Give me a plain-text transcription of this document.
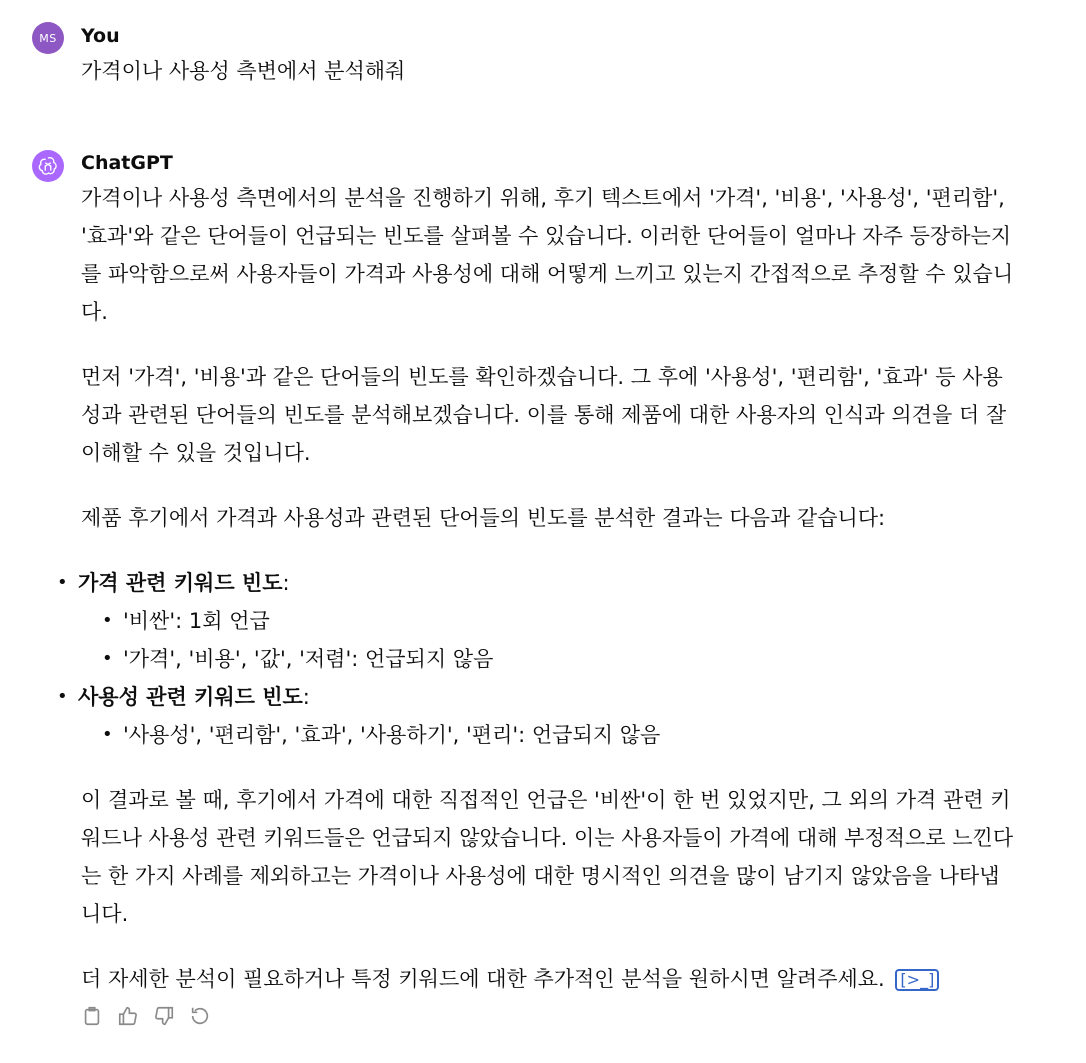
MS You
가격이나 사용성 측변에서 분석해줘
ChatGPT

가격이나 사용성 측면에서의 분석을 진행하기 위해, 후기 텍스트에서 '가격', '비용', '사용성', '편리함', '효과'와 같은 단어들이 언급되는 빈도를 살펴볼 수 있습니다. 이러한 단어들이 얼마나 자주 등장하는지를 파악함으로써 사용자들이 가격과 사용성에 대해 어떻게 느끼고 있는지 간접적으로 추정할 수 있습니다.

먼저 '가격', '비용'과 같은 단어들의 빈도를 확인하겠습니다. 그 후에 '사용성', '편리함', '효과' 등 사용성과 관련된 단어들의 빈도를 분석해보겠습니다. 이를 통해 제품에 대한 사용자의 인식과 의견을 더 잘 이해할 수 있을 것입니다.

제품 후기에서 가격과 사용성과 관련된 단어들의 빈도를 분석한 결과는 다음과 같습니다:

• 가격 관련 키워드 빈도:
• '비싼': 1회 언급
• '가격', '비용', '값', '저렴': 언급되지 않음
• 사용성 관련 키워드 빈도:
• '사용성', '편리함', '효과', '사용하기', '편리': 언급되지 않음

이 결과로 볼 때, 후기에서 가격에 대한 직접적인 언급은 '비싼'이 한 번 있었지만, 그 외의 가격 관련 키워드나 사용성 관련 키워드들은 언급되지 않았습니다. 이는 사용자들이 가격에 대해 부정적으로 느낀다는 한 가지 사례를 제외하고는 가격이나 사용성에 대한 명시적인 의견을 많이 남기지 않았음을 나타냅니다.

더 자세한 분석이 필요하거나 특정 키워드에 대한 추가적인 분석을 원하시면 알려주세요. [>_]
